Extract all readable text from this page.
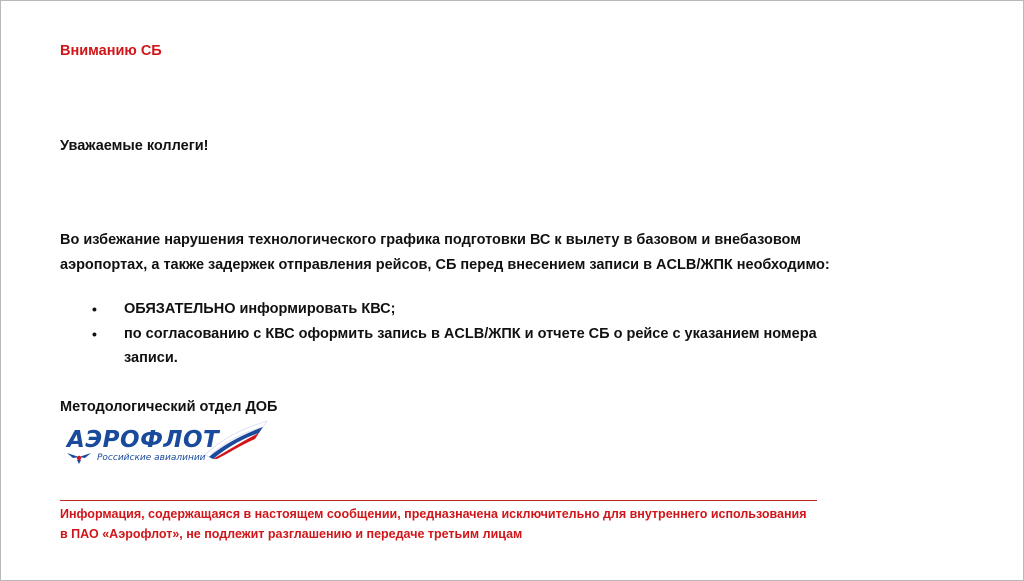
Вниманию СБ
Уважаемые коллеги!
Во избежание нарушения технологического графика подготовки ВС к вылету в базовом и внебазовом
аэропортах, а также задержек отправления рейсов, СБ перед внесением записи в ACLB/ЖПК необходимо:
• ОБЯЗАТЕЛЬНО информировать КВС;
• по согласованию с КВС оформить запись в ACLB/ЖПК и отчете СБ о рейсе с указанием номера
записи.
Методологический отдел ДОБ
АЭРОФЛОТ
Российские авиалинии
Информация, содержащаяся в настоящем сообщении, предназначена исключительно для внутреннего использования
в ПАО «Аэрофлот», не подлежит разглашению и передаче третьим лицам
